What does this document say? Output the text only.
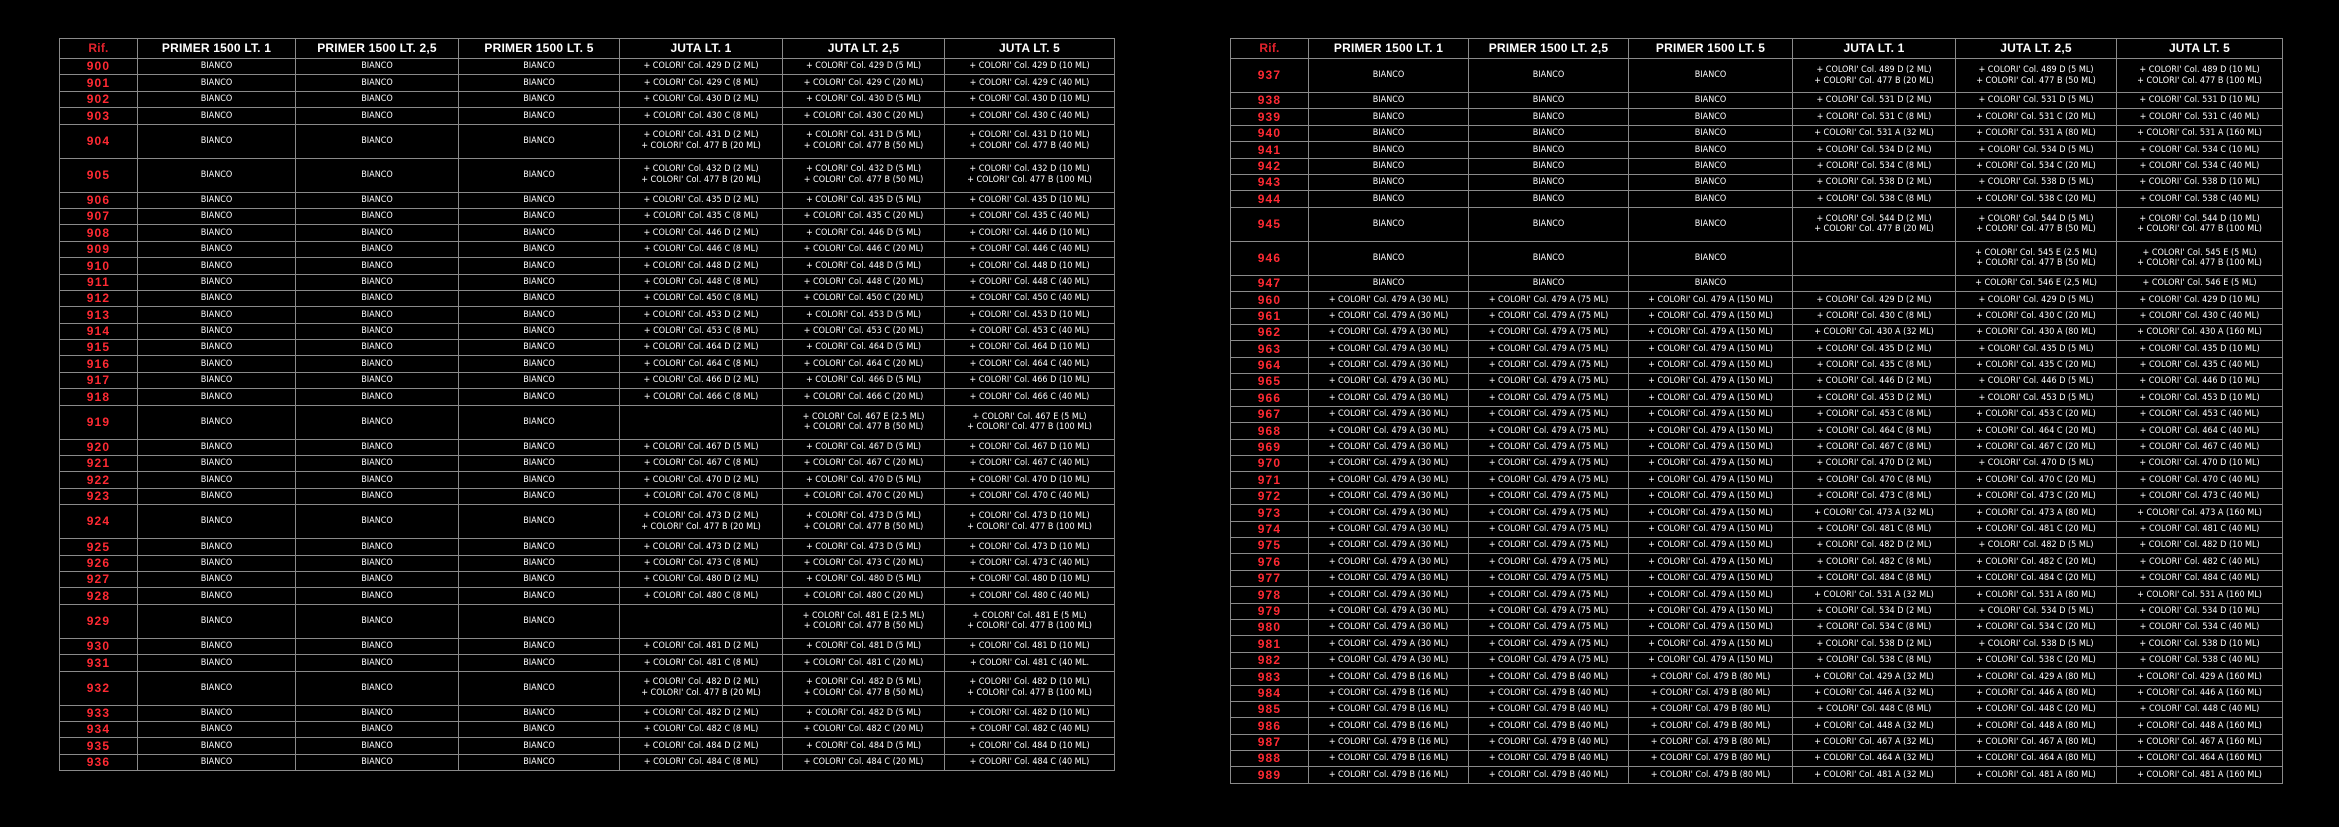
Rif.	PRIMER 1500 LT. 1	PRIMER 1500 LT. 2,5	PRIMER 1500 LT. 5	JUTA LT. 1	JUTA LT. 2,5	JUTA LT. 5
900	BIANCO	BIANCO	BIANCO	+ COLORI' Col. 429 D (2 ML)	+ COLORI' Col. 429 D (5 ML)	+ COLORI' Col. 429 D (10 ML)

901	BIANCO	BIANCO	BIANCO	+ COLORI' Col. 429 C (8 ML)	+ COLORI' Col. 429 C (20 ML)	+ COLORI' Col. 429 C (40 ML)

902	BIANCO	BIANCO	BIANCO	+ COLORI' Col. 430 D (2 ML)	+ COLORI' Col. 430 D (5 ML)	+ COLORI' Col. 430 D (10 ML)

903	BIANCO	BIANCO	BIANCO	+ COLORI' Col. 430 C (8 ML)	+ COLORI' Col. 430 C (20 ML)	+ COLORI' Col. 430 C (40 ML)

904	BIANCO	BIANCO	BIANCO	+ COLORI' Col. 431 D (2 ML)
+ COLORI' Col. 477 B (20 ML)	+ COLORI' Col. 431 D (5 ML)
+ COLORI' Col. 477 B (50 ML)	+ COLORI' Col. 431 D (10 ML)
+ COLORI' Col. 477 B (40 ML)

905	BIANCO	BIANCO	BIANCO	+ COLORI' Col. 432 D (2 ML)
+ COLORI' Col. 477 B (20 ML)	+ COLORI' Col. 432 D (5 ML)
+ COLORI' Col. 477 B (50 ML)	+ COLORI' Col. 432 D (10 ML)
+ COLORI' Col. 477 B (100 ML)

906	BIANCO	BIANCO	BIANCO	+ COLORI' Col. 435 D (2 ML)	+ COLORI' Col. 435 D (5 ML)	+ COLORI' Col. 435 D (10 ML)

907	BIANCO	BIANCO	BIANCO	+ COLORI' Col. 435 C (8 ML)	+ COLORI' Col. 435 C (20 ML)	+ COLORI' Col. 435 C (40 ML)

908	BIANCO	BIANCO	BIANCO	+ COLORI' Col. 446 D (2 ML)	+ COLORI' Col. 446 D (5 ML)	+ COLORI' Col. 446 D (10 ML)

909	BIANCO	BIANCO	BIANCO	+ COLORI' Col. 446 C (8 ML)	+ COLORI' Col. 446 C (20 ML)	+ COLORI' Col. 446 C (40 ML)

910	BIANCO	BIANCO	BIANCO	+ COLORI' Col. 448 D (2 ML)	+ COLORI' Col. 448 D (5 ML)	+ COLORI' Col. 448 D (10 ML)

911	BIANCO	BIANCO	BIANCO	+ COLORI' Col. 448 C (8 ML)	+ COLORI' Col. 448 C (20 ML)	+ COLORI' Col. 448 C (40 ML)

912	BIANCO	BIANCO	BIANCO	+ COLORI' Col. 450 C (8 ML)	+ COLORI' Col. 450 C (20 ML)	+ COLORI' Col. 450 C (40 ML)

913	BIANCO	BIANCO	BIANCO	+ COLORI' Col. 453 D (2 ML)	+ COLORI' Col. 453 D (5 ML)	+ COLORI' Col. 453 D (10 ML)

914	BIANCO	BIANCO	BIANCO	+ COLORI' Col. 453 C (8 ML)	+ COLORI' Col. 453 C (20 ML)	+ COLORI' Col. 453 C (40 ML)

915	BIANCO	BIANCO	BIANCO	+ COLORI' Col. 464 D (2 ML)	+ COLORI' Col. 464 D (5 ML)	+ COLORI' Col. 464 D (10 ML)

916	BIANCO	BIANCO	BIANCO	+ COLORI' Col. 464 C (8 ML)	+ COLORI' Col. 464 C (20 ML)	+ COLORI' Col. 464 C (40 ML)

917	BIANCO	BIANCO	BIANCO	+ COLORI' Col. 466 D (2 ML)	+ COLORI' Col. 466 D (5 ML)	+ COLORI' Col. 466 D (10 ML)

918	BIANCO	BIANCO	BIANCO	+ COLORI' Col. 466 C (8 ML)	+ COLORI' Col. 466 C (20 ML)	+ COLORI' Col. 466 C (40 ML)

919	BIANCO	BIANCO	BIANCO		+ COLORI' Col. 467 E (2.5 ML)
+ COLORI' Col. 477 B (50 ML)	+ COLORI' Col. 467 E (5 ML)
+ COLORI' Col. 477 B (100 ML)

920	BIANCO	BIANCO	BIANCO	+ COLORI' Col. 467 D (5 ML)	+ COLORI' Col. 467 D (5 ML)	+ COLORI' Col. 467 D (10 ML)

921	BIANCO	BIANCO	BIANCO	+ COLORI' Col. 467 C (8 ML)	+ COLORI' Col. 467 C (20 ML)	+ COLORI' Col. 467 C (40 ML)

922	BIANCO	BIANCO	BIANCO	+ COLORI' Col. 470 D (2 ML)	+ COLORI' Col. 470 D (5 ML)	+ COLORI' Col. 470 D (10 ML)

923	BIANCO	BIANCO	BIANCO	+ COLORI' Col. 470 C (8 ML)	+ COLORI' Col. 470 C (20 ML)	+ COLORI' Col. 470 C (40 ML)

924	BIANCO	BIANCO	BIANCO	+ COLORI' Col. 473 D (2 ML)
+ COLORI' Col. 477 B (20 ML)	+ COLORI' Col. 473 D (5 ML)
+ COLORI' Col. 477 B (50 ML)	+ COLORI' Col. 473 D (10 ML)
+ COLORI' Col. 477 B (100 ML)

925	BIANCO	BIANCO	BIANCO	+ COLORI' Col. 473 D (2 ML)	+ COLORI' Col. 473 D (5 ML)	+ COLORI' Col. 473 D (10 ML)

926	BIANCO	BIANCO	BIANCO	+ COLORI' Col. 473 C (8 ML)	+ COLORI' Col. 473 C (20 ML)	+ COLORI' Col. 473 C (40 ML)

927	BIANCO	BIANCO	BIANCO	+ COLORI' Col. 480 D (2 ML)	+ COLORI' Col. 480 D (5 ML)	+ COLORI' Col. 480 D (10 ML)

928	BIANCO	BIANCO	BIANCO	+ COLORI' Col. 480 C (8 ML)	+ COLORI' Col. 480 C (20 ML)	+ COLORI' Col. 480 C (40 ML)

929	BIANCO	BIANCO	BIANCO		+ COLORI' Col. 481 E (2.5 ML)
+ COLORI' Col. 477 B (50 ML)	+ COLORI' Col. 481 E (5 ML)
+ COLORI' Col. 477 B (100 ML)

930	BIANCO	BIANCO	BIANCO	+ COLORI' Col. 481 D (2 ML)	+ COLORI' Col. 481 D (5 ML)	+ COLORI' Col. 481 D (10 ML)

931	BIANCO	BIANCO	BIANCO	+ COLORI' Col. 481 C (8 ML)	+ COLORI' Col. 481 C (20 ML)	+ COLORI' Col. 481 C (40 ML.

932	BIANCO	BIANCO	BIANCO	+ COLORI' Col. 482 D (2 ML)
+ COLORI' Col. 477 B (20 ML)	+ COLORI' Col. 482 D (5 ML)
+ COLORI' Col. 477 B (50 ML)	+ COLORI' Col. 482 D (10 ML)
+ COLORI' Col. 477 B (100 ML)

933	BIANCO	BIANCO	BIANCO	+ COLORI' Col. 482 D (2 ML)	+ COLORI' Col. 482 D (5 ML)	+ COLORI' Col. 482 D (10 ML)

934	BIANCO	BIANCO	BIANCO	+ COLORI' Col. 482 C (8 ML)	+ COLORI' Col. 482 C (20 ML)	+ COLORI' Col. 482 C (40 ML)

935	BIANCO	BIANCO	BIANCO	+ COLORI' Col. 484 D (2 ML)	+ COLORI' Col. 484 D (5 ML)	+ COLORI' Col. 484 D (10 ML)

936	BIANCO	BIANCO	BIANCO	+ COLORI' Col. 484 C (8 ML)	+ COLORI' Col. 484 C (20 ML)	+ COLORI' Col. 484 C (40 ML)
Rif.	PRIMER 1500 LT. 1	PRIMER 1500 LT. 2,5	PRIMER 1500 LT. 5	JUTA LT. 1	JUTA LT. 2,5	JUTA LT. 5
937	BIANCO	BIANCO	BIANCO	+ COLORI' Col. 489 D (2 ML)
+ COLORI' Col. 477 B (20 ML)	+ COLORI' Col. 489 D (5 ML)
+ COLORI' Col. 477 B (50 ML)	+ COLORI' Col. 489 D (10 ML)
+ COLORI' Col. 477 B (100 ML)

938	BIANCO	BIANCO	BIANCO	+ COLORI' Col. 531 D (2 ML)	+ COLORI' Col. 531 D (5 ML)	+ COLORI' Col. 531 D (10 ML)

939	BIANCO	BIANCO	BIANCO	+ COLORI' Col. 531 C (8 ML)	+ COLORI' Col. 531 C (20 ML)	+ COLORI' Col. 531 C (40 ML)

940	BIANCO	BIANCO	BIANCO	+ COLORI' Col. 531 A (32 ML)	+ COLORI' Col. 531 A (80 ML)	+ COLORI' Col. 531 A (160 ML)

941	BIANCO	BIANCO	BIANCO	+ COLORI' Col. 534 D (2 ML)	+ COLORI' Col. 534 D (5 ML)	+ COLORI' Col. 534 C (10 ML)

942	BIANCO	BIANCO	BIANCO	+ COLORI' Col. 534 C (8 ML)	+ COLORI' Col. 534 C (20 ML)	+ COLORI' Col. 534 C (40 ML)

943	BIANCO	BIANCO	BIANCO	+ COLORI' Col. 538 D (2 ML)	+ COLORI' Col. 538 D (5 ML)	+ COLORI' Col. 538 D (10 ML)

944	BIANCO	BIANCO	BIANCO	+ COLORI' Col. 538 C (8 ML)	+ COLORI' Col. 538 C (20 ML)	+ COLORI' Col. 538 C (40 ML)

945	BIANCO	BIANCO	BIANCO	+ COLORI' Col. 544 D (2 ML)
+ COLORI' Col. 477 B (20 ML)	+ COLORI' Col. 544 D (5 ML)
+ COLORI' Col. 477 B (50 ML)	+ COLORI' Col. 544 D (10 ML)
+ COLORI' Col. 477 B (100 ML)

946	BIANCO	BIANCO	BIANCO		+ COLORI' Col. 545 E (2.5 ML)
+ COLORI' Col. 477 B (50 ML)	+ COLORI' Col. 545 E (5 ML)
+ COLORI' Col. 477 B (100 ML)

947	BIANCO	BIANCO	BIANCO		+ COLORI' Col. 546 E (2,5 ML)	+ COLORI' Col. 546 E (5 ML)

960	+ COLORI' Col. 479 A (30 ML)	+ COLORI' Col. 479 A (75 ML)	+ COLORI' Col. 479 A (150 ML)	+ COLORI' Col. 429 D (2 ML)	+ COLORI' Col. 429 D (5 ML)	+ COLORI' Col. 429 D (10 ML)

961	+ COLORI' Col. 479 A (30 ML)	+ COLORI' Col. 479 A (75 ML)	+ COLORI' Col. 479 A (150 ML)	+ COLORI' Col. 430 C (8 ML)	+ COLORI' Col. 430 C (20 ML)	+ COLORI' Col. 430 C (40 ML)

962	+ COLORI' Col. 479 A (30 ML)	+ COLORI' Col. 479 A (75 ML)	+ COLORI' Col. 479 A (150 ML)	+ COLORI' Col. 430 A (32 ML)	+ COLORI' Col. 430 A (80 ML)	+ COLORI' Col. 430 A (160 ML)

963	+ COLORI' Col. 479 A (30 ML)	+ COLORI' Col. 479 A (75 ML)	+ COLORI' Col. 479 A (150 ML)	+ COLORI' Col. 435 D (2 ML)	+ COLORI' Col. 435 D (5 ML)	+ COLORI' Col. 435 D (10 ML)

964	+ COLORI' Col. 479 A (30 ML)	+ COLORI' Col. 479 A (75 ML)	+ COLORI' Col. 479 A (150 ML)	+ COLORI' Col. 435 C (8 ML)	+ COLORI' Col. 435 C (20 ML)	+ COLORI' Col. 435 C (40 ML)

965	+ COLORI' Col. 479 A (30 ML)	+ COLORI' Col. 479 A (75 ML)	+ COLORI' Col. 479 A (150 ML)	+ COLORI' Col. 446 D (2 ML)	+ COLORI' Col. 446 D (5 ML)	+ COLORI' Col. 446 D (10 ML)

966	+ COLORI' Col. 479 A (30 ML)	+ COLORI' Col. 479 A (75 ML)	+ COLORI' Col. 479 A (150 ML)	+ COLORI' Col. 453 D (2 ML)	+ COLORI' Col. 453 D (5 ML)	+ COLORI' Col. 453 D (10 ML)

967	+ COLORI' Col. 479 A (30 ML)	+ COLORI' Col. 479 A (75 ML)	+ COLORI' Col. 479 A (150 ML)	+ COLORI' Col. 453 C (8 ML)	+ COLORI' Col. 453 C (20 ML)	+ COLORI' Col. 453 C (40 ML)

968	+ COLORI' Col. 479 A (30 ML)	+ COLORI' Col. 479 A (75 ML)	+ COLORI' Col. 479 A (150 ML)	+ COLORI' Col. 464 C (8 ML)	+ COLORI' Col. 464 C (20 ML)	+ COLORI' Col. 464 C (40 ML)

969	+ COLORI' Col. 479 A (30 ML)	+ COLORI' Col. 479 A (75 ML)	+ COLORI' Col. 479 A (150 ML)	+ COLORI' Col. 467 C (8 ML)	+ COLORI' Col. 467 C (20 ML)	+ COLORI' Col. 467 C (40 ML)

970	+ COLORI' Col. 479 A (30 ML)	+ COLORI' Col. 479 A (75 ML)	+ COLORI' Col. 479 A (150 ML)	+ COLORI' Col. 470 D (2 ML)	+ COLORI' Col. 470 D (5 ML)	+ COLORI' Col. 470 D (10 ML)

971	+ COLORI' Col. 479 A (30 ML)	+ COLORI' Col. 479 A (75 ML)	+ COLORI' Col. 479 A (150 ML)	+ COLORI' Col. 470 C (8 ML)	+ COLORI' Col. 470 C (20 ML)	+ COLORI' Col. 470 C (40 ML)

972	+ COLORI' Col. 479 A (30 ML)	+ COLORI' Col. 479 A (75 ML)	+ COLORI' Col. 479 A (150 ML)	+ COLORI' Col. 473 C (8 ML)	+ COLORI' Col. 473 C (20 ML)	+ COLORI' Col. 473 C (40 ML)

973	+ COLORI' Col. 479 A (30 ML)	+ COLORI' Col. 479 A (75 ML)	+ COLORI' Col. 479 A (150 ML)	+ COLORI' Col. 473 A (32 ML)	+ COLORI' Col. 473 A (80 ML)	+ COLORI' Col. 473 A (160 ML)

974	+ COLORI' Col. 479 A (30 ML)	+ COLORI' Col. 479 A (75 ML)	+ COLORI' Col. 479 A (150 ML)	+ COLORI' Col. 481 C (8 ML)	+ COLORI' Col. 481 C (20 ML)	+ COLORI' Col. 481 C (40 ML)

975	+ COLORI' Col. 479 A (30 ML)	+ COLORI' Col. 479 A (75 ML)	+ COLORI' Col. 479 A (150 ML)	+ COLORI' Col. 482 D (2 ML)	+ COLORI' Col. 482 D (5 ML)	+ COLORI' Col. 482 D (10 ML)

976	+ COLORI' Col. 479 A (30 ML)	+ COLORI' Col. 479 A (75 ML)	+ COLORI' Col. 479 A (150 ML)	+ COLORI' Col. 482 C (8 ML)	+ COLORI' Col. 482 C (20 ML)	+ COLORI' Col. 482 C (40 ML)

977	+ COLORI' Col. 479 A (30 ML)	+ COLORI' Col. 479 A (75 ML)	+ COLORI' Col. 479 A (150 ML)	+ COLORI' Col. 484 C (8 ML)	+ COLORI' Col. 484 C (20 ML)	+ COLORI' Col. 484 C (40 ML)

978	+ COLORI' Col. 479 A (30 ML)	+ COLORI' Col. 479 A (75 ML)	+ COLORI' Col. 479 A (150 ML)	+ COLORI' Col. 531 A (32 ML)	+ COLORI' Col. 531 A (80 ML)	+ COLORI' Col. 531 A (160 ML)

979	+ COLORI' Col. 479 A (30 ML)	+ COLORI' Col. 479 A (75 ML)	+ COLORI' Col. 479 A (150 ML)	+ COLORI' Col. 534 D (2 ML)	+ COLORI' Col. 534 D (5 ML)	+ COLORI' Col. 534 D (10 ML)

980	+ COLORI' Col. 479 A (30 ML)	+ COLORI' Col. 479 A (75 ML)	+ COLORI' Col. 479 A (150 ML)	+ COLORI' Col. 534 C (8 ML)	+ COLORI' Col. 534 C (20 ML)	+ COLORI' Col. 534 C (40 ML)

981	+ COLORI' Col. 479 A (30 ML)	+ COLORI' Col. 479 A (75 ML)	+ COLORI' Col. 479 A (150 ML)	+ COLORI' Col. 538 D (2 ML)	+ COLORI' Col. 538 D (5 ML)	+ COLORI' Col. 538 D (10 ML)

982	+ COLORI' Col. 479 A (30 ML)	+ COLORI' Col. 479 A (75 ML)	+ COLORI' Col. 479 A (150 ML)	+ COLORI' Col. 538 C (8 ML)	+ COLORI' Col. 538 C (20 ML)	+ COLORI' Col. 538 C (40 ML)

983	+ COLORI' Col. 479 B (16 ML)	+ COLORI' Col. 479 B (40 ML)	+ COLORI' Col. 479 B (80 ML)	+ COLORI' Col. 429 A (32 ML)	+ COLORI' Col. 429 A (80 ML)	+ COLORI' Col. 429 A (160 ML)

984	+ COLORI' Col. 479 B (16 ML)	+ COLORI' Col. 479 B (40 ML)	+ COLORI' Col. 479 B (80 ML)	+ COLORI' Col. 446 A (32 ML)	+ COLORI' Col. 446 A (80 ML)	+ COLORI' Col. 446 A (160 ML)

985	+ COLORI' Col. 479 B (16 ML)	+ COLORI' Col. 479 B (40 ML)	+ COLORI' Col. 479 B (80 ML)	+ COLORI' Col. 448 C (8 ML)	+ COLORI' Col. 448 C (20 ML)	+ COLORI' Col. 448 C (40 ML)

986	+ COLORI' Col. 479 B (16 ML)	+ COLORI' Col. 479 B (40 ML)	+ COLORI' Col. 479 B (80 ML)	+ COLORI' Col. 448 A (32 ML)	+ COLORI' Col. 448 A (80 ML)	+ COLORI' Col. 448 A (160 ML)

987	+ COLORI' Col. 479 B (16 ML)	+ COLORI' Col. 479 B (40 ML)	+ COLORI' Col. 479 B (80 ML)	+ COLORI' Col. 467 A (32 ML)	+ COLORI' Col. 467 A (80 ML)	+ COLORI' Col. 467 A (160 ML)

988	+ COLORI' Col. 479 B (16 ML)	+ COLORI' Col. 479 B (40 ML)	+ COLORI' Col. 479 B (80 ML)	+ COLORI' Col. 464 A (32 ML)	+ COLORI' Col. 464 A (80 ML)	+ COLORI' Col. 464 A (160 ML)

989	+ COLORI' Col. 479 B (16 ML)	+ COLORI' Col. 479 B (40 ML)	+ COLORI' Col. 479 B (80 ML)	+ COLORI' Col. 481 A (32 ML)	+ COLORI' Col. 481 A (80 ML)	+ COLORI' Col. 481 A (160 ML)
